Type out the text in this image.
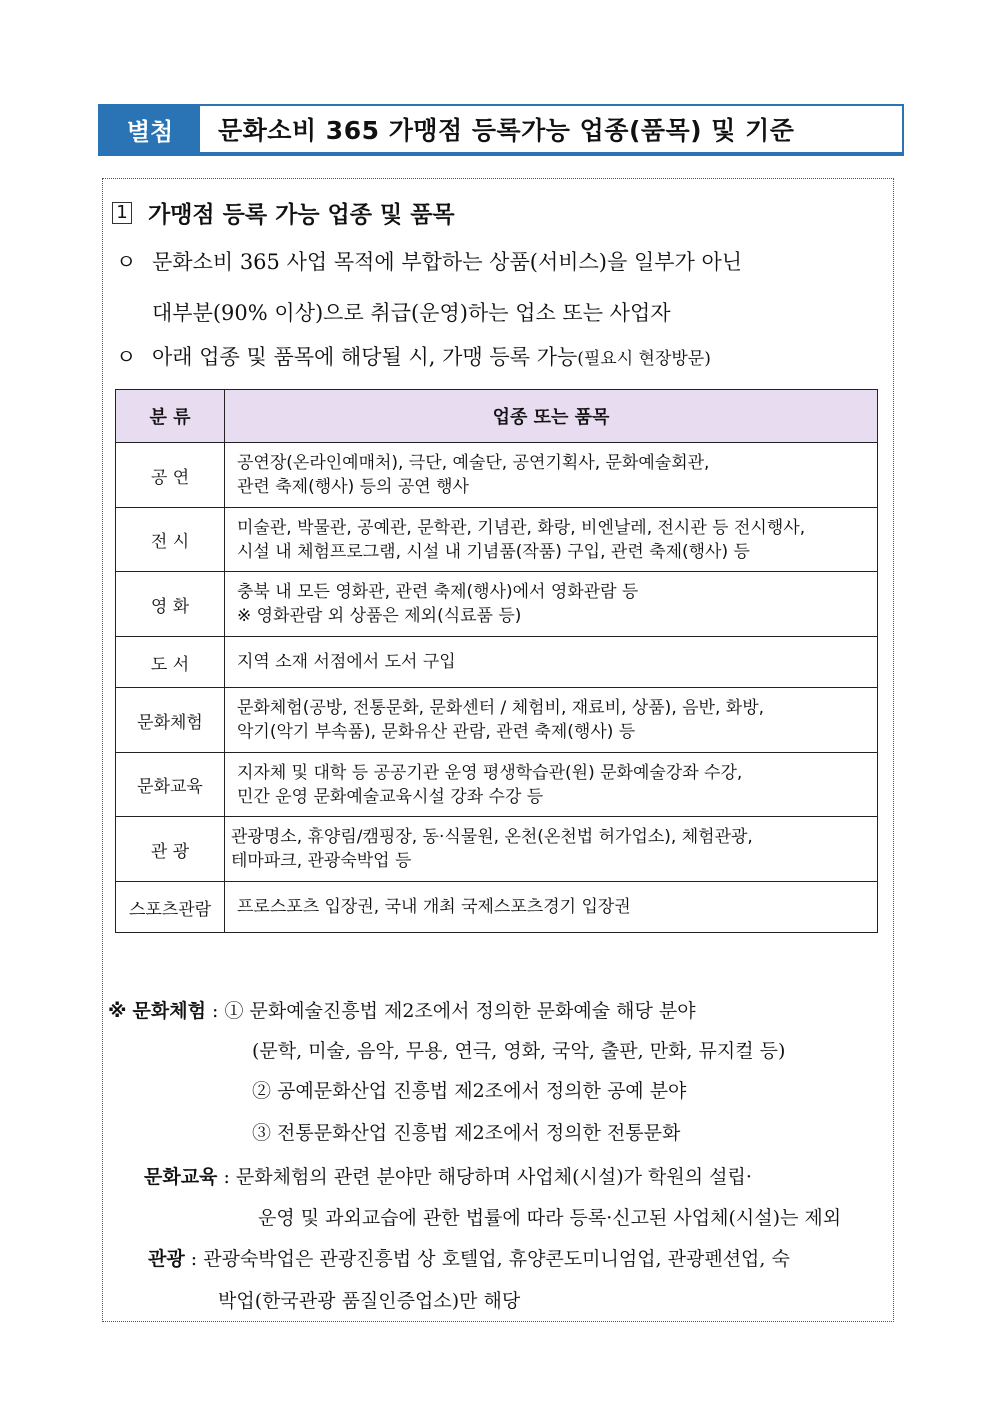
별첨	문화소비 365 가맹점 등록가능 업종(품목) 및 기준
1 가맹점 등록 가능 업종 및 품목
ㅇ 문화소비 365 사업 목적에 부합하는 상품(서비스)을 일부가 아닌
대부분(90% 이상)으로 취급(운영)하는 업소 또는 사업자
ㅇ 아래 업종 및 품목에 해당될 시, 가맹 등록 가능(필요시 현장방문)
분 류	업종 또는 품목
공 연	공연장(온라인예매처), 극단, 예술단, 공연기획사, 문화예술회관,
관련 축제(행사) 등의 공연 행사

전 시	미술관, 박물관, 공예관, 문학관, 기념관, 화랑, 비엔날레, 전시관 등 전시행사,
시설 내 체험프로그램, 시설 내 기념품(작품) 구입, 관련 축제(행사) 등

영 화	충북 내 모든 영화관, 관련 축제(행사)에서 영화관람 등
※ 영화관람 외 상품은 제외(식료품 등)

도 서	지역 소재 서점에서 도서 구입

문화체험	문화체험(공방, 전통문화, 문화센터 / 체험비, 재료비, 상품), 음반, 화방,
악기(악기 부속품), 문화유산 관람, 관련 축제(행사) 등

문화교육	지자체 및 대학 등 공공기관 운영 평생학습관(원) 문화예술강좌 수강,
민간 운영 문화예술교육시설 강좌 수강 등

관 광	관광명소, 휴양림/캠핑장, 동·식물원, 온천(온천법 허가업소), 체험관광,
테마파크, 관광숙박업 등

스포츠관람	프로스포츠 입장권, 국내 개최 국제스포츠경기 입장권
※ 문화체험 : ① 문화예술진흥법 제2조에서 정의한 문화예술 해당 분야
(문학, 미술, 음악, 무용, 연극, 영화, 국악, 출판, 만화, 뮤지컬 등)
② 공예문화산업 진흥법 제2조에서 정의한 공예 분야
③ 전통문화산업 진흥법 제2조에서 정의한 전통문화
문화교육 : 문화체험의 관련 분야만 해당하며 사업체(시설)가 학원의 설립·
운영 및 과외교습에 관한 법률에 따라 등록·신고된 사업체(시설)는 제외
관광 : 관광숙박업은 관광진흥법 상 호텔업, 휴양콘도미니엄업, 관광펜션업, 숙
박업(한국관광 품질인증업소)만 해당
